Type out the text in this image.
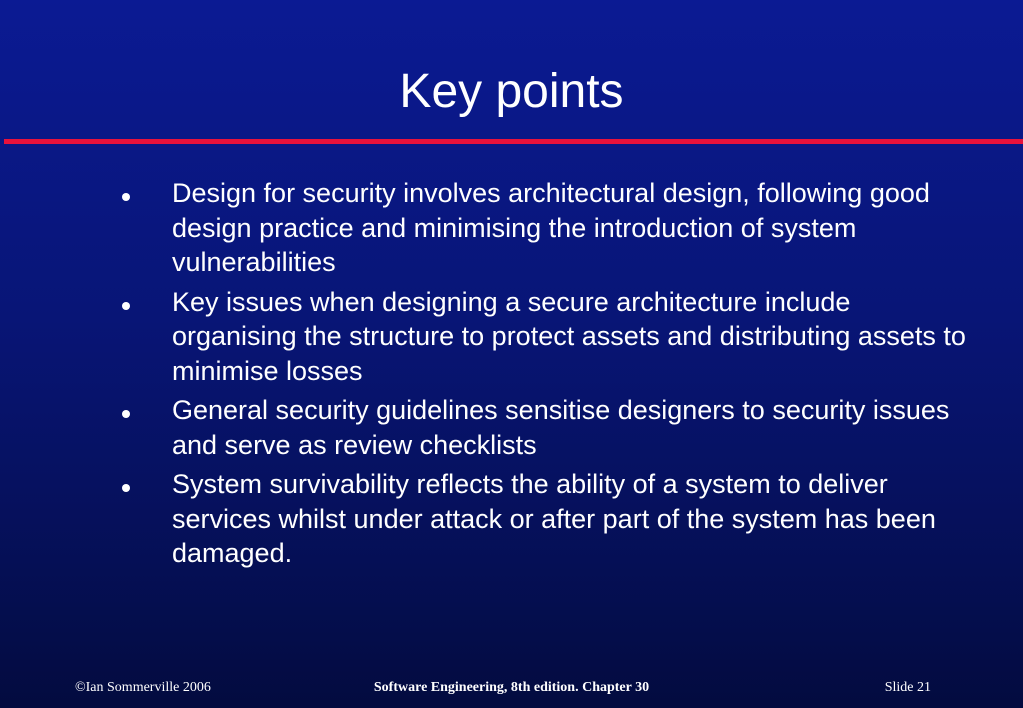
Key points
Design for security involves architectural design, following good design practice and minimising the introduction of system vulnerabilities
Key issues when designing a secure architecture include organising the structure to protect assets and distributing assets to minimise losses
General security guidelines sensitise designers to security issues and serve as review checklists
System survivability reflects the ability of a system to deliver services whilst under attack or after part of the system has been damaged.
©Ian Sommerville 2006	Software Engineering, 8th edition. Chapter 30	Slide 21
